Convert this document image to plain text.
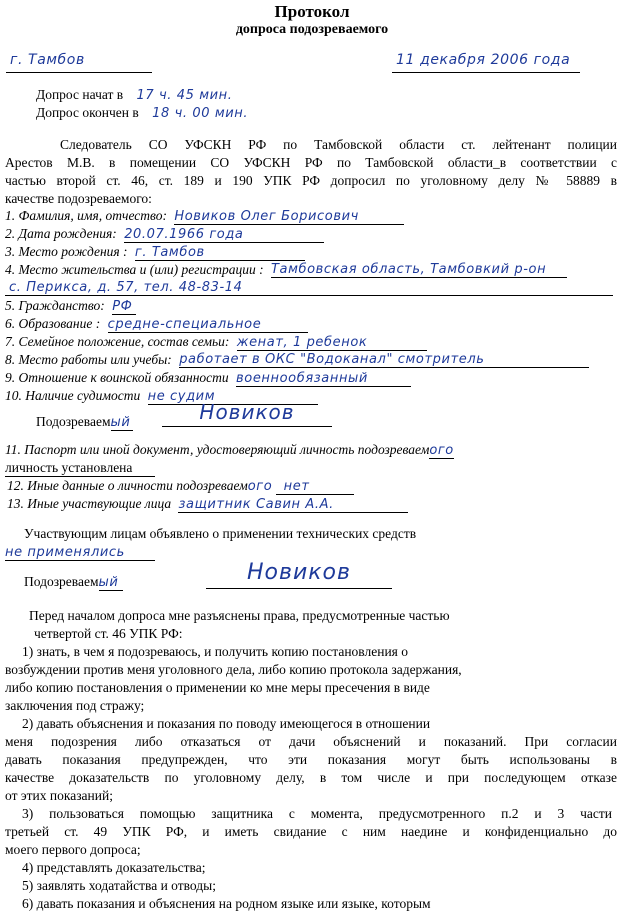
Протокол
допроса подозреваемого
г. Тамбов	11 декабря 2006 года
Допрос начат в 17 ч. 45 мин.
Допрос окончен в 18 ч. 00 мин.
Следователь СО УФСКН РФ по Тамбовской области ст. лейтенант полиции
Арестов М.В. в помещении СО УФСКН РФ по Тамбовской области_в соответствии с
частью второй ст. 46, ст. 189 и 190 УПК РФ допросил по уголовному делу № 58889 в
качестве подозреваемого:
1. Фамилия, имя, отчество: Новиков Олег Борисович
2. Дата рождения: 20.07.1966 года
3. Место рождения : г. Тамбов
4. Место жительства и (или) регистрации : Тамбовская область, Тамбовкий р-он
с. Перикса, д. 57, тел. 48-83-14
5. Гражданство: РФ
6. Образование : средне-специальное
7. Семейное положение, состав семьи: женат, 1 ребенок
8. Место работы или учебы: работает в ОКС "Водоканал" смотритель
9. Отношение к воинской обязанности военнообязанный
10. Наличие судимости не судим
Подозреваемый	Новиков
11. Паспорт или иной документ, удостоверяющий личность подозреваемого
личность установлена
12. Иные данные о личности подозреваемого нет
13. Иные участвующие лица защитник Савин А.А.
Участвующим лицам объявлено о применении технических средств
не применялись
Подозреваемый	Новиков
Перед началом допроса мне разъяснены права, предусмотренные частью
четвертой ст. 46 УПК РФ:
1) знать, в чем я подозреваюсь, и получить копию постановления о
возбуждении против меня уголовного дела, либо копию протокола задержания,
либо копию постановления о применении ко мне меры пресечения в виде
заключения под стражу;
2) давать объяснения и показания по поводу имеющегося в отношении
меня подозрения либо отказаться от дачи объяснений и показаний. При согласии
давать показания предупрежден, что эти показания могут быть использованы в
качестве доказательств по уголовному делу, в том числе и при последующем отказе
от этих показаний;
3) пользоваться помощью защитника с момента, предусмотренного п.2 и 3 части
третьей ст. 49 УПК РФ, и иметь свидание с ним наедине и конфиденциально до
моего первого допроса;
4) представлять доказательства;
5) заявлять ходатайства и отводы;
6) давать показания и объяснения на родном языке или языке, которым
